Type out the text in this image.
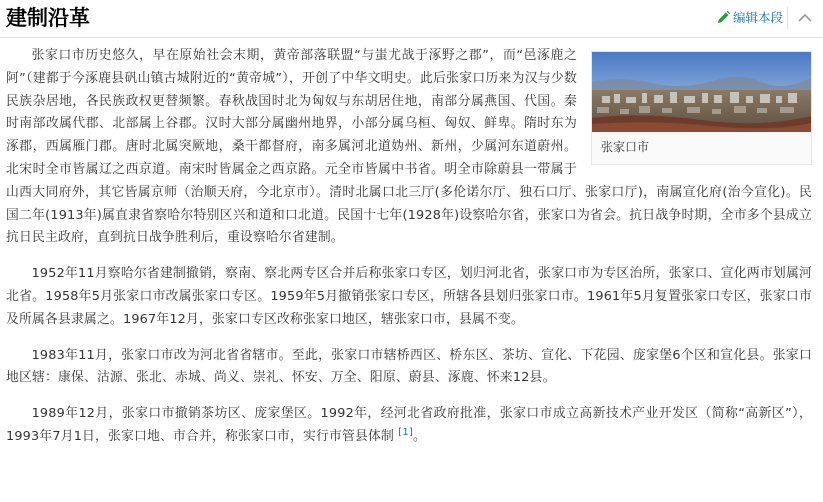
建制沿革	编辑本段
张家口市

张家口市历史悠久，早在原始社会末期，黄帝部落联盟“与蚩尤战于涿野之郡”，而“邑涿鹿之阿”（建都于今涿鹿县矾山镇古城附近的“黄帝城”），开创了中华文明史。此后张家口历来为汉与少数民族杂居地，各民族政权更替频繁。春秋战国时北为匈奴与东胡居住地，南部分属燕国、代国。秦时南部改属代郡、北部属上谷郡。汉时大部分属幽州地界，小部分属乌桓、匈奴、鲜卑。隋时东为涿郡，西属雁门郡。唐时北属突厥地，桑干都督府，南多属河北道妫州、新州，少属河东道蔚州。北宋时全市皆属辽之西京道。南宋时皆属金之西京路。元全市皆属中书省。明全市除蔚县一带属于山西大同府外，其它皆属京师（治顺天府，今北京市）。清时北属口北三厅(多伦诺尔厅、独石口厅、张家口厅)，南属宣化府(治今宣化)。民国二年(1913年)属直隶省察哈尔特别区兴和道和口北道。民国十七年(1928年)设察哈尔省，张家口为省会。抗日战争时期，全市多个县成立抗日民主政府，直到抗日战争胜利后，重设察哈尔省建制。

1952年11月察哈尔省建制撤销，察南、察北两专区合并后称张家口专区，划归河北省，张家口市为专区治所，张家口、宣化两市划属河北省。1958年5月张家口市改属张家口专区。1959年5月撤销张家口专区，所辖各县划归张家口市。1961年5月复置张家口专区，张家口市及所属各县隶属之。1967年12月，张家口专区改称张家口地区，辖张家口市，县属不变。

1983年11月，张家口市改为河北省省辖市。至此，张家口市辖桥西区、桥东区、茶坊、宣化、下花园、庞家堡6个区和宣化县。张家口地区辖：康保、沽源、张北、赤城、尚义、崇礼、怀安、万全、阳原、蔚县、涿鹿、怀来12县。

1989年12月，张家口市撤销茶坊区、庞家堡区。1992年，经河北省政府批准，张家口市成立高新技术产业开发区（简称“高新区”），1993年7月1日，张家口地、市合并，称张家口市，实行市管县体制 [1]。
